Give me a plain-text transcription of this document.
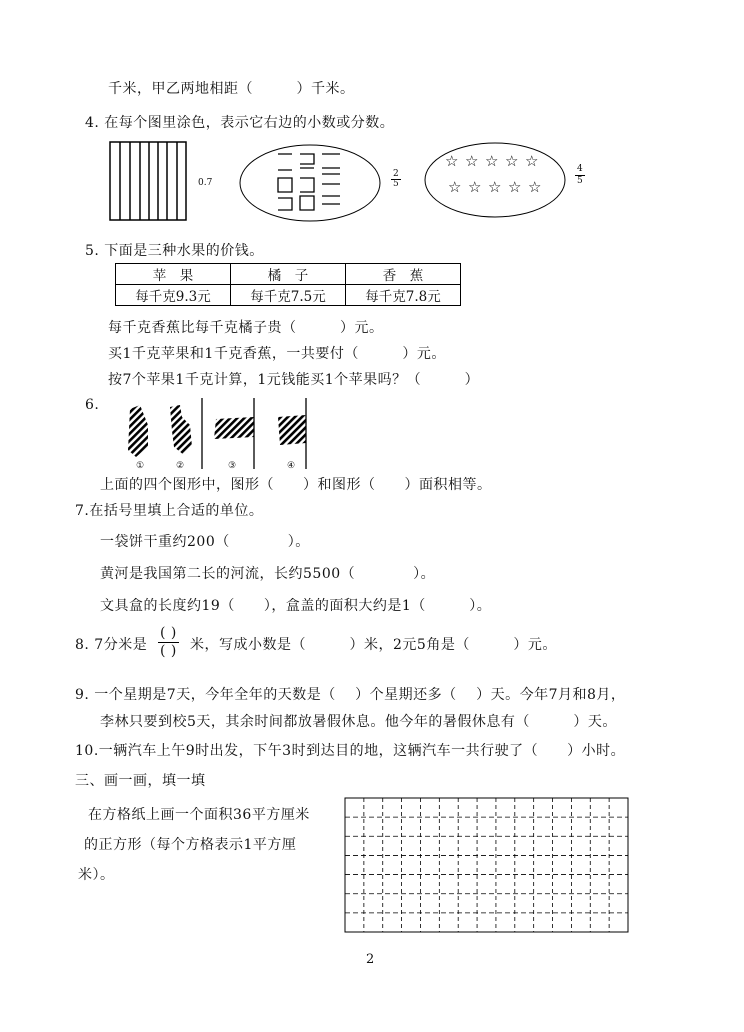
千米，甲乙两地相距（　　　）千米。
4. 在每个图里涂色，表示它右边的小数或分数。
☆ ☆ ☆ ☆ ☆
☆ ☆ ☆ ☆ ☆
0.7	$\frac{2}{5}$	$\frac{4}{5}$
5. 下面是三种水果的价钱。
苹　果	橘　子	香　蕉
每千克9.3元	每千克7.5元	每千克7.8元
每千克香蕉比每千克橘子贵（　　　）元。
买1千克苹果和1千克香蕉，一共要付（　　　）元。
按7个苹果1千克计算，1元钱能买1个苹果吗？（　　　）
6.
①	②	③	④
上面的四个图形中，图形（　　）和图形（　　）面积相等。
7.在括号里填上合适的单位。
一袋饼干重约200（　　　　）。
黄河是我国第二长的河流，长约5500（　　　　）。
文具盒的长度约19（　　），盒盖的面积大约是1（　　　）。
8. 7分米是
( )
( ) 米，写成小数是（　　　）米，2元5角是（　　　）元。
9. 一个星期是7天，今年全年的天数是（　 ）个星期还多（　 ）天。今年7月和8月，
李林只要到校5天，其余时间都放暑假休息。他今年的暑假休息有（　　　）天。
10.一辆汽车上午9时出发，下午3时到达目的地，这辆汽车一共行驶了（　　）小时。
三、画一画，填一填
在方格纸上画一个面积36平方厘米
的正方形（每个方格表示1平方厘
米）。
2
